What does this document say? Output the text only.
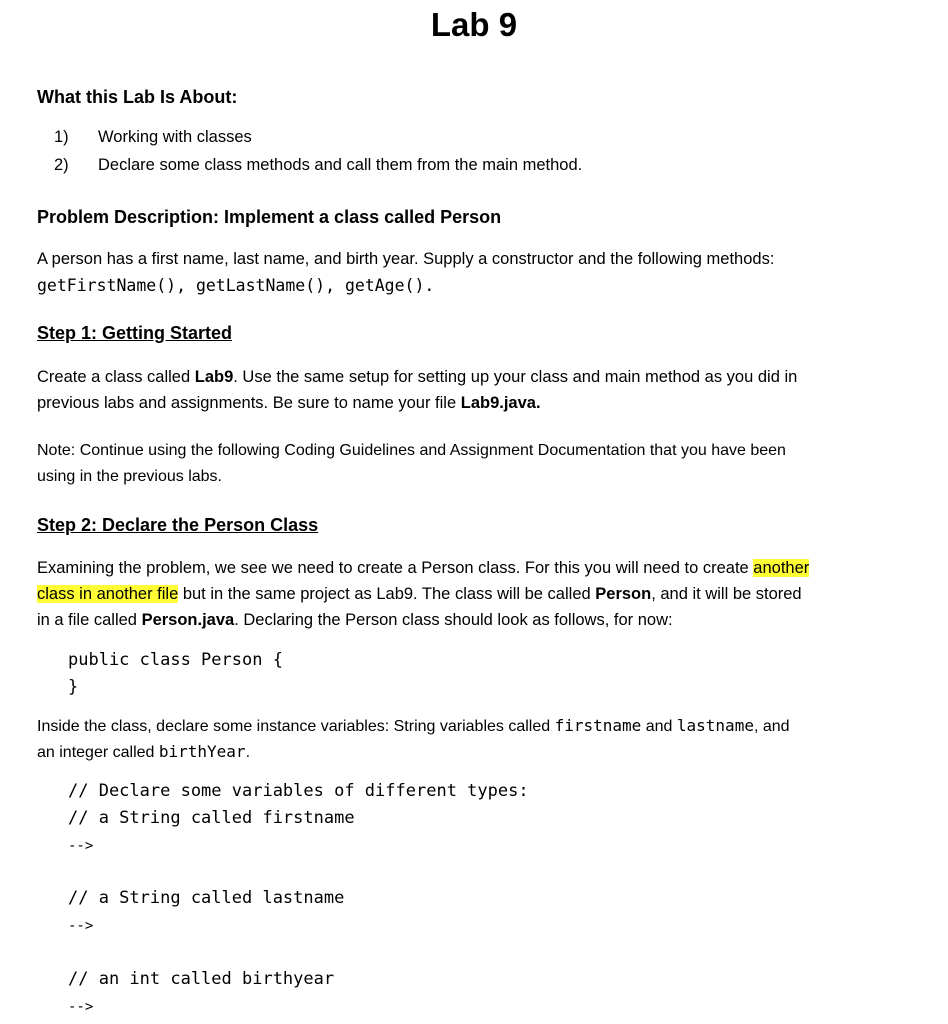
Lab 9
What this Lab Is About:
1) Working with classes
2) Declare some class methods and call them from the main method.
Problem Description: Implement a class called Person
A person has a first name, last name, and birth year. Supply a constructor and the following methods:
getFirstName(), getLastName(), getAge().
Step 1: Getting Started
Create a class called Lab9. Use the same setup for setting up your class and main method as you did in
previous labs and assignments. Be sure to name your file Lab9.java.
Note: Continue using the following Coding Guidelines and Assignment Documentation that you have been
using in the previous labs.
Step 2: Declare the Person Class
Examining the problem, we see we need to create a Person class. For this you will need to create another
class in another file but in the same project as Lab9. The class will be called Person, and it will be stored
in a file called Person.java. Declaring the Person class should look as follows, for now:
public class Person {
}
Inside the class, declare some instance variables: String variables called firstname and lastname, and
an integer called birthYear.
// Declare some variables of different types:
// a String called firstname
-->
// a String called lastname
-->
// an int called birthyear
-->
